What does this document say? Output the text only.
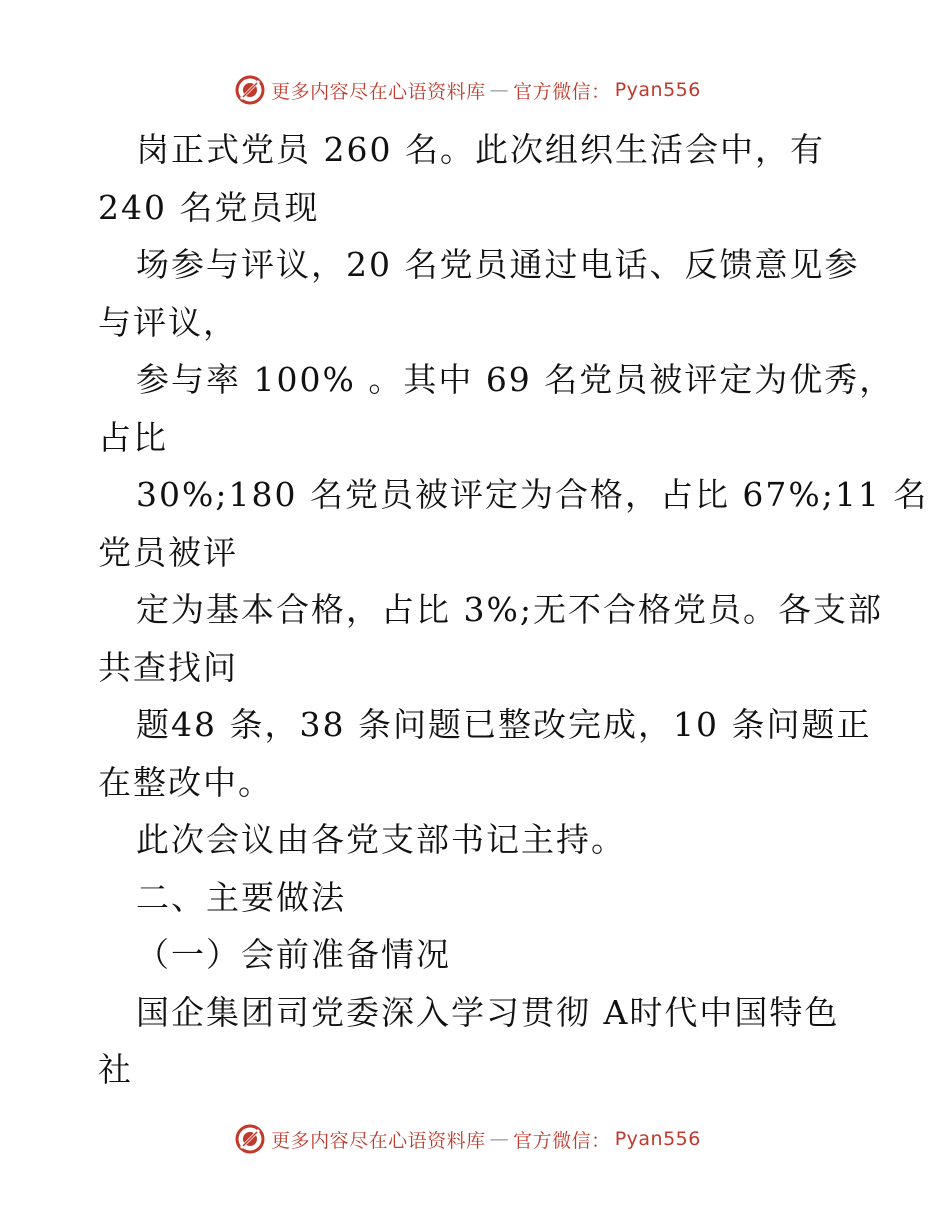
更多内容尽在心语资料库 — 官方微信： Pyan556
岗正式党员 260 名。此次组织生活会中，有
240 名党员现
场参与评议，20 名党员通过电话、反馈意见参
与评议，
参与率 100% 。其中 69 名党员被评定为优秀，
占比
30%;180 名党员被评定为合格，占比 67%;11 名
党员被评
定为基本合格，占比 3%;无不合格党员。各支部
共查找问
题48 条，38 条问题已整改完成，10 条问题正
在整改中。
此次会议由各党支部书记主持。
二、主要做法
（一）会前准备情况
国企集团司党委深入学习贯彻 A时代中国特色
社
更多内容尽在心语资料库 — 官方微信： Pyan556
